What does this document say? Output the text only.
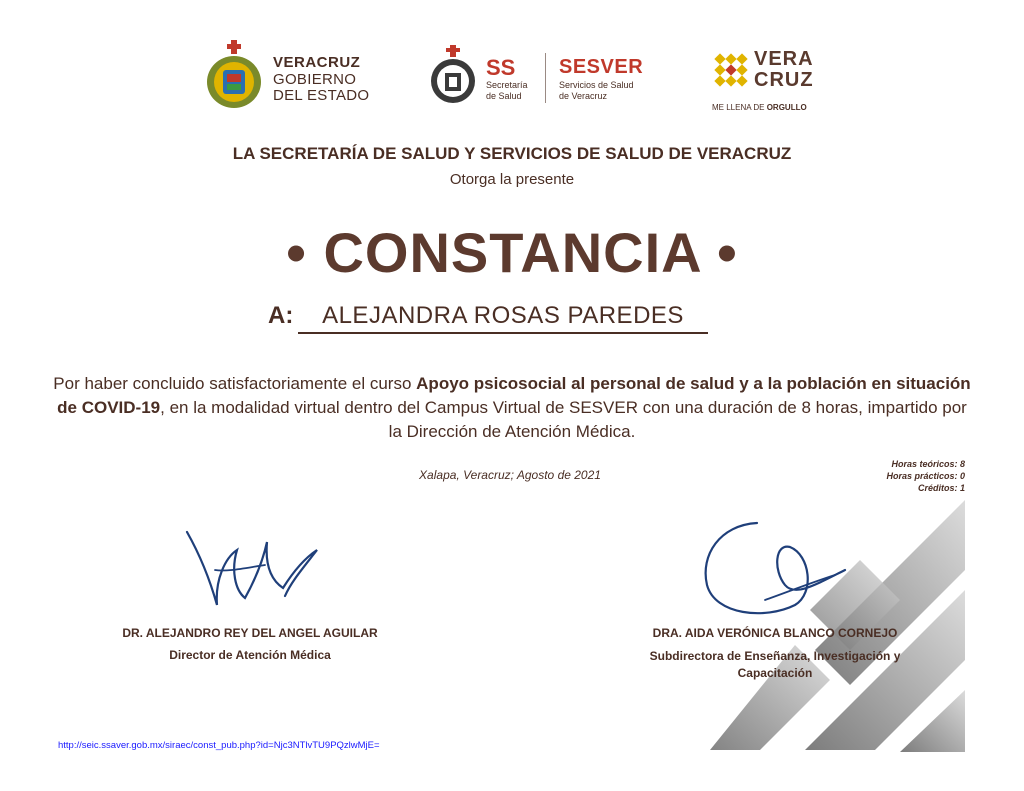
VERACRUZ
GOBIERNO
DEL ESTADO
SS
Secretaría
de Salud
SESVER
Servicios de Salud
de Veracruz
VERA
CRUZ
ME LLENA DE ORGULLO
LA SECRETARÍA DE SALUD Y SERVICIOS DE SALUD DE VERACRUZ
Otorga la presente
• CONSTANCIA •
A:	ALEJANDRA ROSAS PAREDES
Por haber concluido satisfactoriamente el curso Apoyo psicosocial al personal de salud y a la población en situación de COVID-19, en la modalidad virtual dentro del Campus Virtual de SESVER con una duración de 8 horas, impartido por la Dirección de Atención Médica.
Xalapa, Veracruz; Agosto de 2021
Horas teóricos: 8
Horas prácticos: 0
Créditos: 1
DR. ALEJANDRO REY DEL ANGEL AGUILAR
Director de Atención Médica
DRA. AIDA VERÓNICA BLANCO CORNEJO
Subdirectora de Enseñanza, Investigación y Capacitación
http://seic.ssaver.gob.mx/siraec/const_pub.php?id=Njc3NTlvTU9PQzlwMjE=
